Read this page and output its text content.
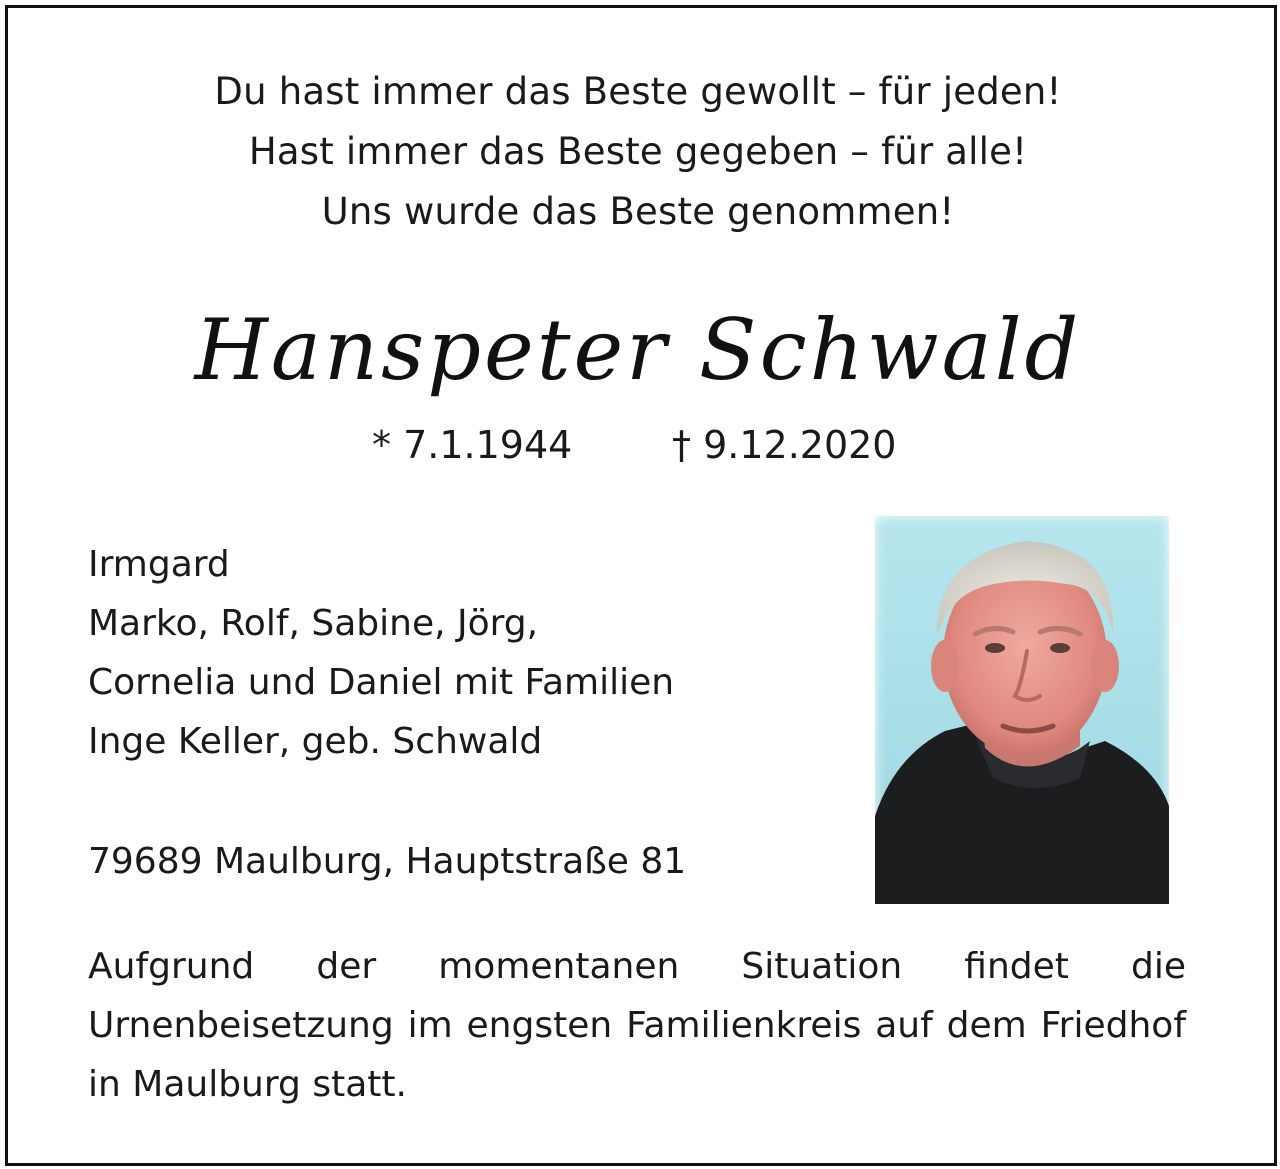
Du hast immer das Beste gewollt – für jeden!
Hast immer das Beste gegeben – für alle!
Uns wurde das Beste genommen!
Hanspeter Schwald
* 7.1.1944	† 9.12.2020
Irmgard
Marko, Rolf, Sabine, Jörg,
Cornelia und Daniel mit Familien
Inge Keller, geb. Schwald
79689 Maulburg, Hauptstraße 81
Aufgrund der momentanen Situation findet die Urnenbeisetzung im engsten Familienkreis auf dem Friedhof in Maulburg statt.
